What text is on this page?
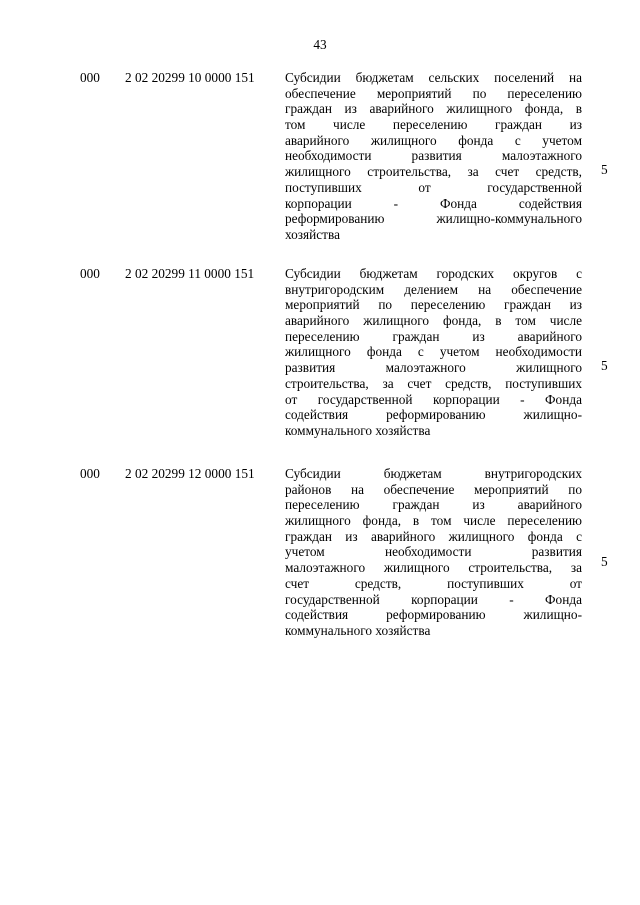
43
000 2 02 20299 10 0000 151 Субсидии бюджетам сельских поселений на
обеспечение мероприятий по переселению
граждан из аварийного жилищного фонда, в
том числе переселению граждан из
аварийного жилищного фонда с учетом
необходимости развития малоэтажного
жилищного строительства, за счет средств,
поступивших от государственной
корпорации - Фонда содействия
реформированию жилищно-коммунального
хозяйства
5
000 2 02 20299 11 0000 151 Субсидии бюджетам городских округов с
внутригородским делением на обеспечение
мероприятий по переселению граждан из
аварийного жилищного фонда, в том числе
переселению граждан из аварийного
жилищного фонда с учетом необходимости
развития малоэтажного жилищного
строительства, за счет средств, поступивших
от государственной корпорации - Фонда
содействия реформированию жилищно-
коммунального хозяйства
5
000 2 02 20299 12 0000 151 Субсидии бюджетам внутригородских
районов на обеспечение мероприятий по
переселению граждан из аварийного
жилищного фонда, в том числе переселению
граждан из аварийного жилищного фонда с
учетом необходимости развития
малоэтажного жилищного строительства, за
счет средств, поступивших от
государственной корпорации - Фонда
содействия реформированию жилищно-
коммунального хозяйства
5
